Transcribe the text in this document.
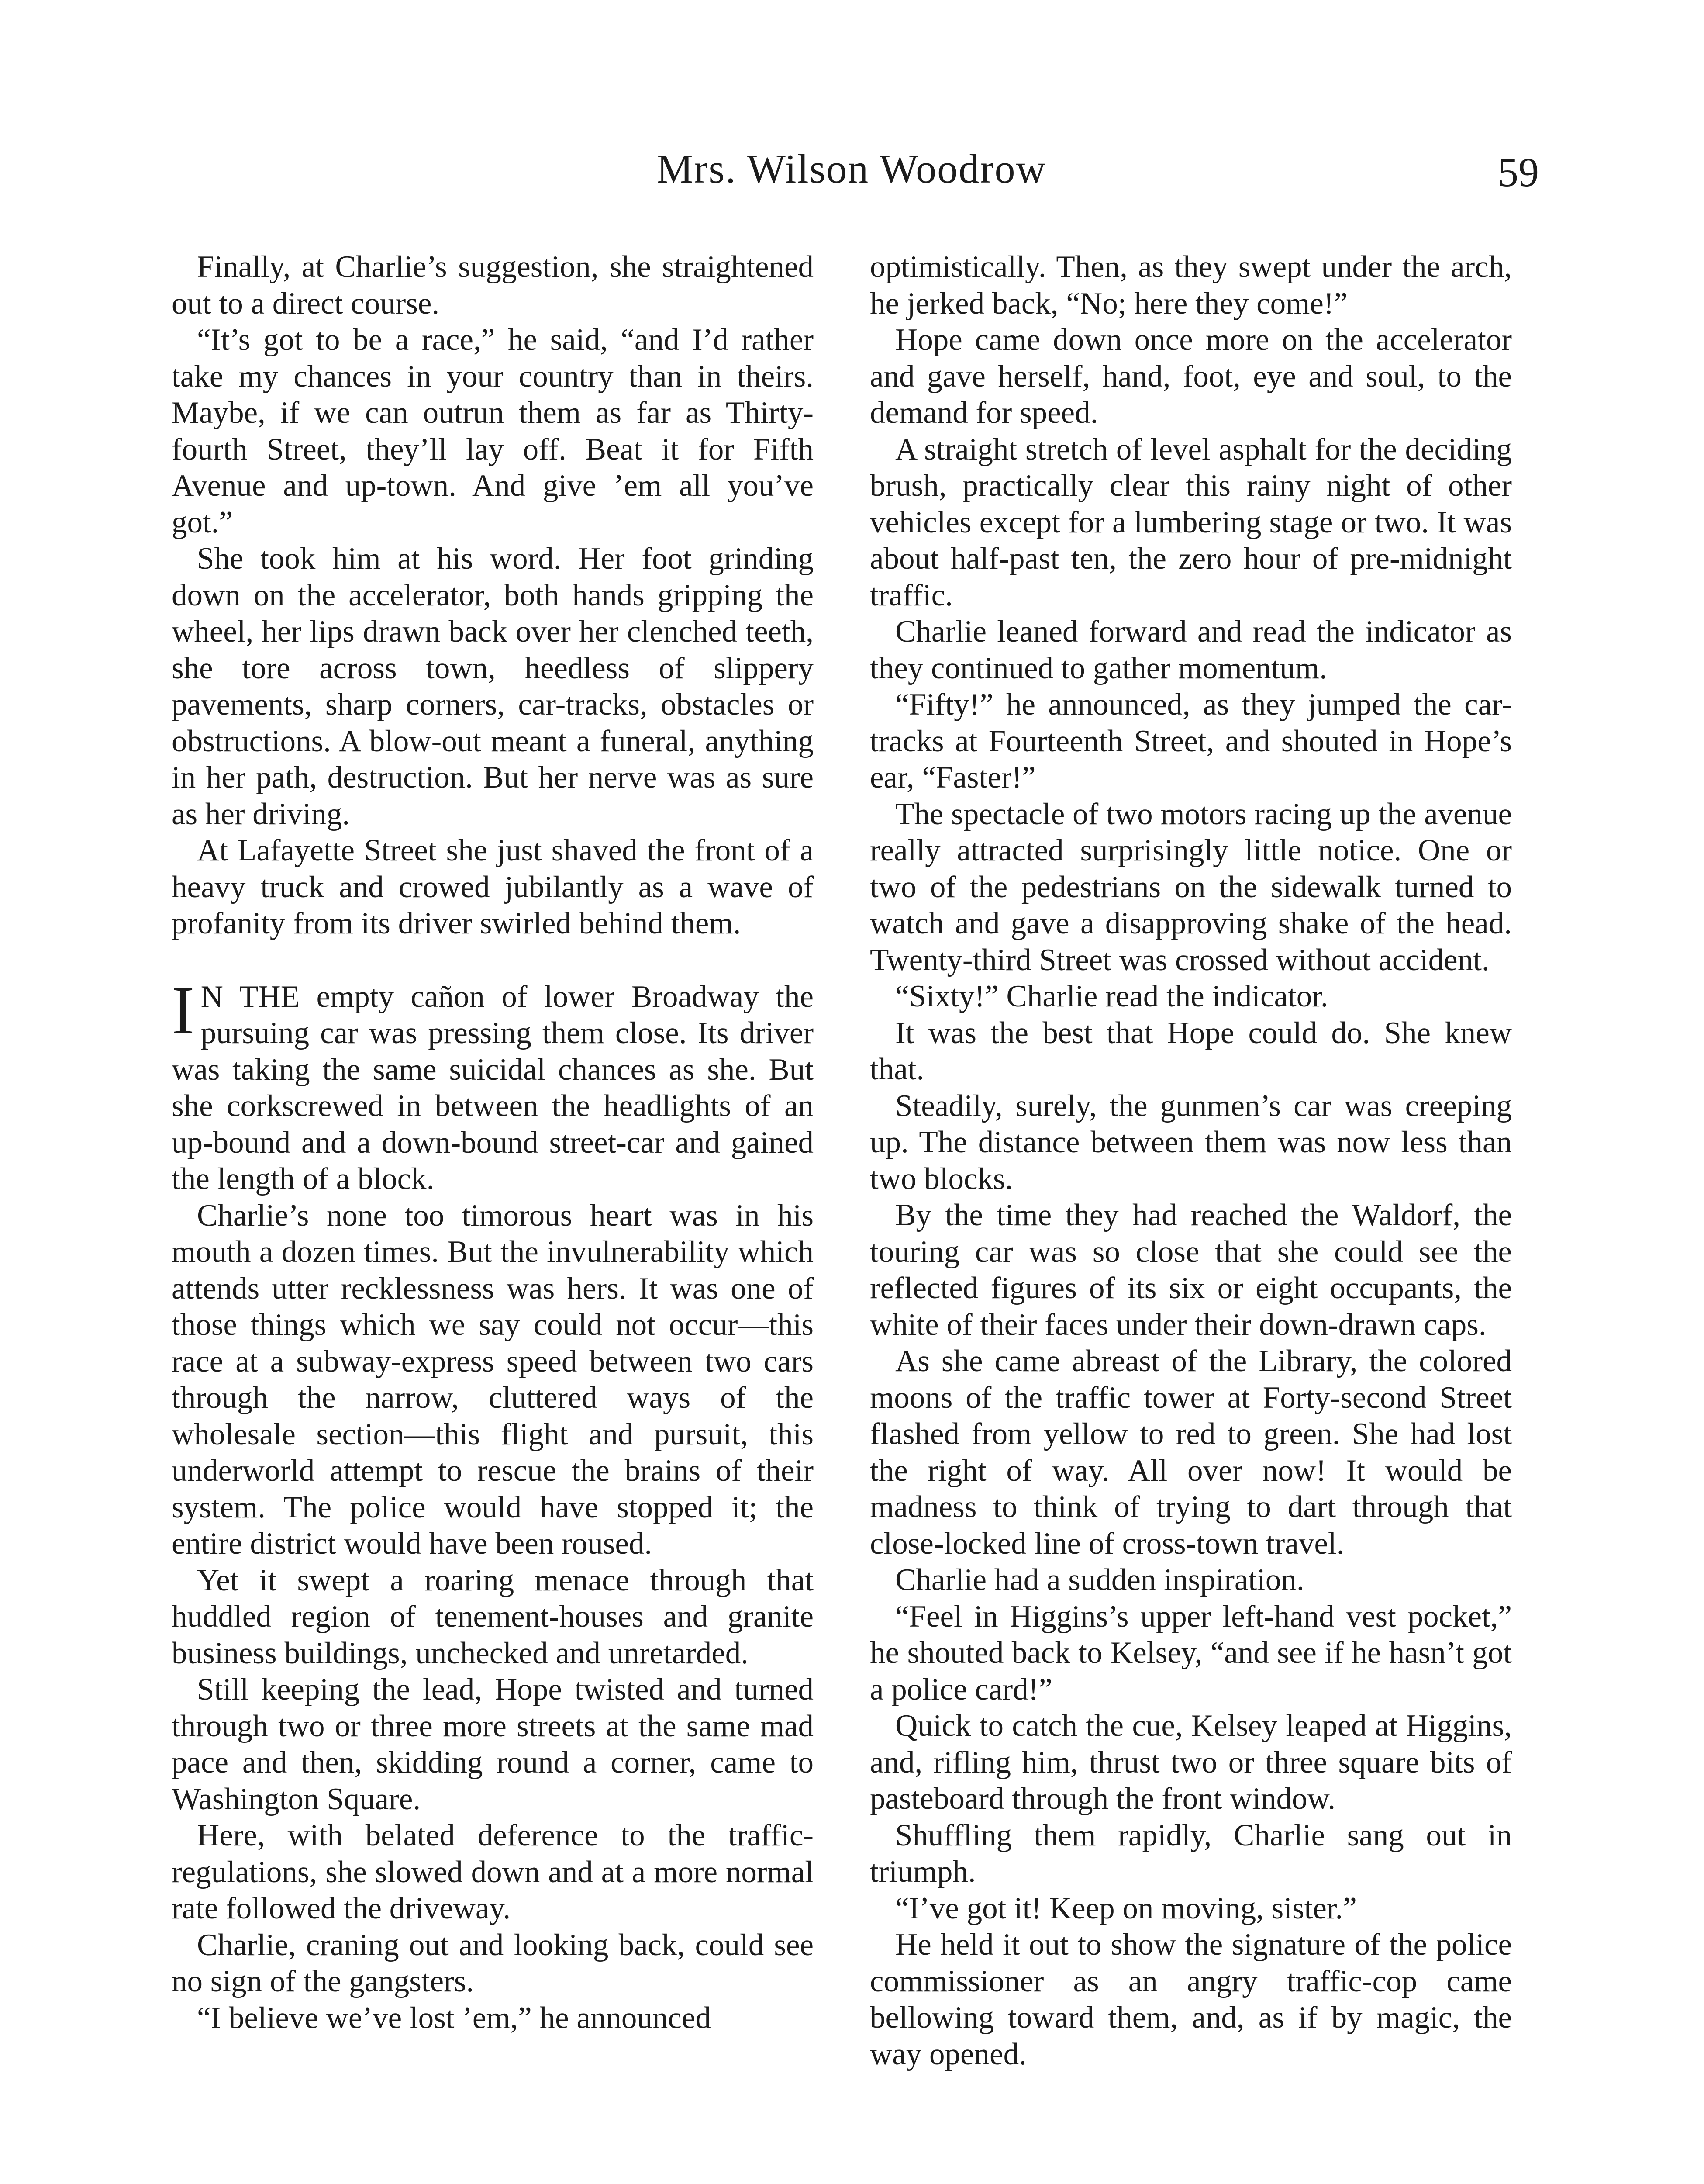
Mrs. Wilson Woodrow	59

Finally, at Charlie’s suggestion, she straightened out to a direct course.

“It’s got to be a race,” he said, “and I’d rather take my chances in your country than in theirs. Maybe, if we can outrun them as far as Thirty-fourth Street, they’ll lay off. Beat it for Fifth Avenue and up-town. And give ’em all you’ve got.”

She took him at his word. Her foot grinding down on the accelerator, both hands gripping the wheel, her lips drawn back over her clenched teeth, she tore across town, heedless of slippery pavements, sharp corners, car-tracks, obstacles or obstructions. A blow-out meant a funeral, anything in her path, destruction. But her nerve was as sure as her driving.

At Lafayette Street she just shaved the front of a heavy truck and crowed jubilantly as a wave of profanity from its driver swirled behind them.

I N THE empty cañon of lower Broadway the pursuing car was pressing them close. Its driver was taking the same suicidal chances as she. But she corkscrewed in between the headlights of an up-bound and a down-bound street-car and gained the length of a block.

Charlie’s none too timorous heart was in his mouth a dozen times. But the invulnerability which attends utter recklessness was hers. It was one of those things which we say could not occur—this race at a subway-express speed between two cars through the narrow, cluttered ways of the wholesale section—this flight and pursuit, this underworld attempt to rescue the brains of their system. The police would have stopped it; the entire district would have been roused.

Yet it swept a roaring menace through that huddled region of tenement-houses and granite business buildings, unchecked and unretarded.

Still keeping the lead, Hope twisted and turned through two or three more streets at the same mad pace and then, skidding round a corner, came to Washington Square.

Here, with belated deference to the traffic-regulations, she slowed down and at a more normal rate followed the driveway.

Charlie, craning out and looking back, could see no sign of the gangsters.

“I believe we’ve lost ’em,” he announced

optimistically. Then, as they swept under the arch, he jerked back, “No; here they come!”

Hope came down once more on the accelerator and gave herself, hand, foot, eye and soul, to the demand for speed.

A straight stretch of level asphalt for the deciding brush, practically clear this rainy night of other vehicles except for a lumbering stage or two. It was about half-past ten, the zero hour of pre-midnight traffic.

Charlie leaned forward and read the indicator as they continued to gather momentum.

“Fifty!” he announced, as they jumped the car-tracks at Fourteenth Street, and shouted in Hope’s ear, “Faster!”

The spectacle of two motors racing up the avenue really attracted surprisingly little notice. One or two of the pedestrians on the sidewalk turned to watch and gave a disapproving shake of the head. Twenty-third Street was crossed without accident.

“Sixty!” Charlie read the indicator.

It was the best that Hope could do. She knew that.

Steadily, surely, the gunmen’s car was creeping up. The distance between them was now less than two blocks.

By the time they had reached the Waldorf, the touring car was so close that she could see the reflected figures of its six or eight occupants, the white of their faces under their down-drawn caps.

As she came abreast of the Library, the colored moons of the traffic tower at Forty-second Street flashed from yellow to red to green. She had lost the right of way. All over now! It would be madness to think of trying to dart through that close-locked line of cross-town travel.

Charlie had a sudden inspiration.

“Feel in Higgins’s upper left-hand vest pocket,” he shouted back to Kelsey, “and see if he hasn’t got a police card!”

Quick to catch the cue, Kelsey leaped at Higgins, and, rifling him, thrust two or three square bits of pasteboard through the front window.

Shuffling them rapidly, Charlie sang out in triumph.

“I’ve got it! Keep on moving, sister.”

He held it out to show the signature of the police commissioner as an angry traffic-cop came bellowing toward them, and, as if by magic, the way opened.
